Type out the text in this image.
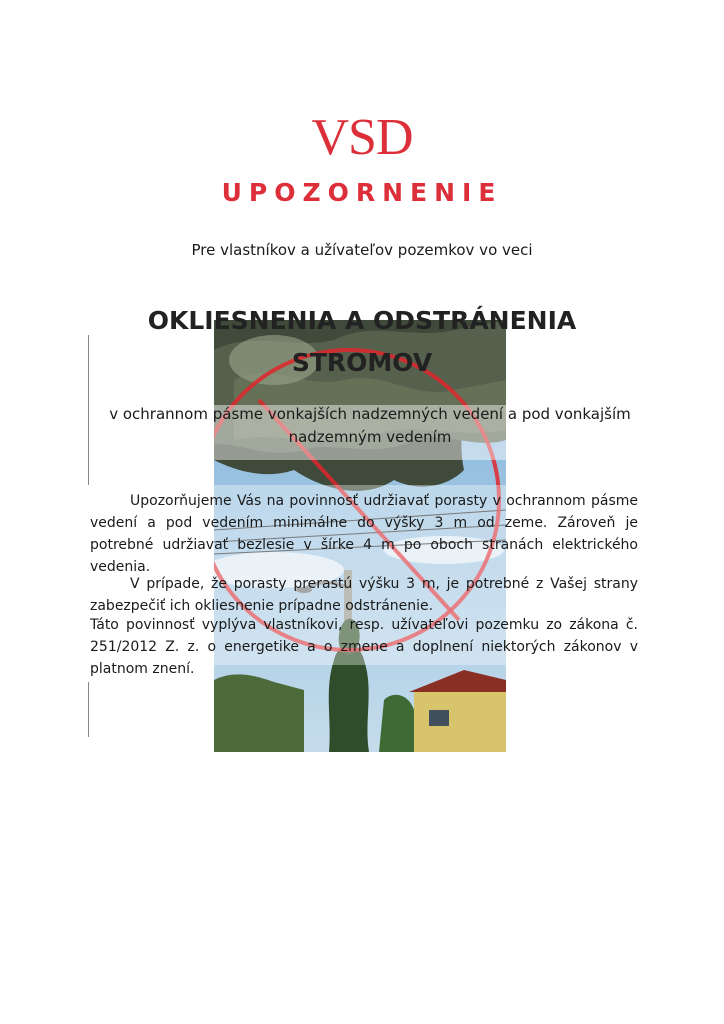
VSD
UPOZORNENIE
Pre vlastníkov a užívateľov pozemkov vo veci
OKLIESNENIA A ODSTRÁNENIA
STROMOV
v ochrannom pásme vonkajších nadzemných vedení a pod vonkajším nadzemným vedením
Upozorňujeme Vás na povinnosť udržiavať porasty v ochrannom pásme vedení a pod vedením minimálne do výšky 3 m od zeme. Zároveň je potrebné udržiavať bezlesie v šírke 4 m po oboch stranách elektrického vedenia.
V prípade, že porasty prerastú výšku 3 m, je potrebné z Vašej strany zabezpečiť ich okliesnenie prípadne odstránenie.
Táto povinnosť vyplýva vlastníkovi, resp. užívateľovi pozemku zo zákona č. 251/2012 Z. z. o energetike a o zmene a doplnení niektorých zákonov v platnom znení.
